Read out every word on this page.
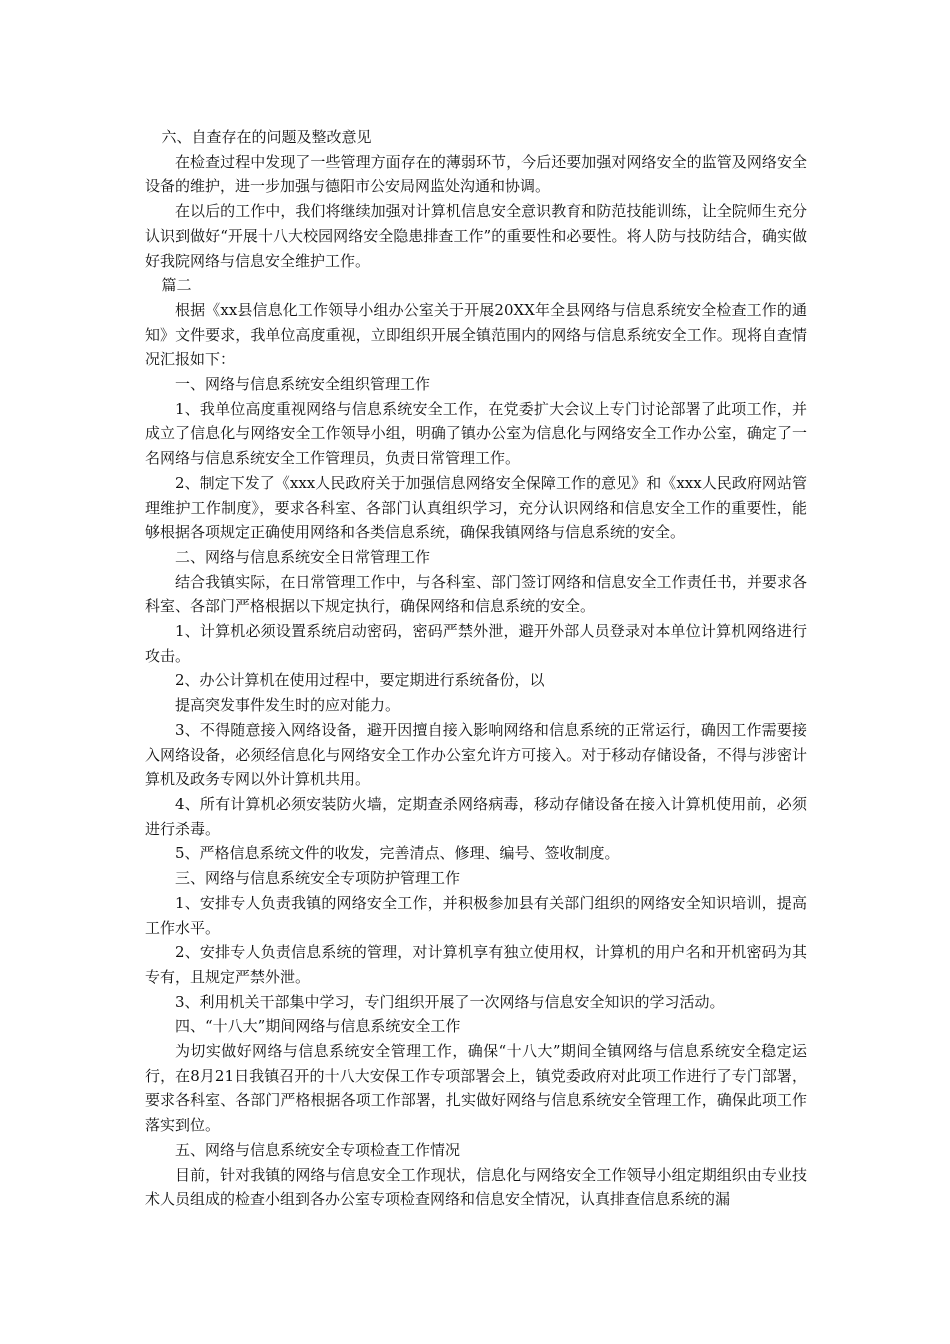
六、自查存在的问题及整改意见

在检查过程中发现了一些管理方面存在的薄弱环节，今后还要加强对网络安全的监管及网络安全设备的维护，进一步加强与德阳市公安局网监处沟通和协调。

在以后的工作中，我们将继续加强对计算机信息安全意识教育和防范技能训练，让全院师生充分认识到做好“开展十八大校园网络安全隐患排查工作”的重要性和必要性。将人防与技防结合，确实做好我院网络与信息安全维护工作。

篇二

根据《xx县信息化工作领导小组办公室关于开展20XX年全县网络与信息系统安全检查工作的通知》文件要求，我单位高度重视，立即组织开展全镇范围内的网络与信息系统安全工作。现将自查情况汇报如下：

一、网络与信息系统安全组织管理工作

1、我单位高度重视网络与信息系统安全工作，在党委扩大会议上专门讨论部署了此项工作，并成立了信息化与网络安全工作领导小组，明确了镇办公室为信息化与网络安全工作办公室，确定了一名网络与信息系统安全工作管理员，负责日常管理工作。

2、制定下发了《xxx人民政府关于加强信息网络安全保障工作的意见》和《xxx人民政府网站管理维护工作制度》，要求各科室、各部门认真组织学习，充分认识网络和信息安全工作的重要性，能够根据各项规定正确使用网络和各类信息系统，确保我镇网络与信息系统的安全。

二、网络与信息系统安全日常管理工作

结合我镇实际，在日常管理工作中，与各科室、部门签订网络和信息安全工作责任书，并要求各科室、各部门严格根据以下规定执行，确保网络和信息系统的安全。

1、计算机必须设置系统启动密码，密码严禁外泄，避开外部人员登录对本单位计算机网络进行攻击。

2、办公计算机在使用过程中，要定期进行系统备份，以

提高突发事件发生时的应对能力。

3、不得随意接入网络设备，避开因擅自接入影响网络和信息系统的正常运行，确因工作需要接入网络设备，必须经信息化与网络安全工作办公室允许方可接入。对于移动存储设备，不得与涉密计算机及政务专网以外计算机共用。

4、所有计算机必须安装防火墙，定期查杀网络病毒，移动存储设备在接入计算机使用前，必须进行杀毒。

5、严格信息系统文件的收发，完善清点、修理、编号、签收制度。

三、网络与信息系统安全专项防护管理工作

1、安排专人负责我镇的网络安全工作，并积极参加县有关部门组织的网络安全知识培训，提高工作水平。

2、安排专人负责信息系统的管理，对计算机享有独立使用权，计算机的用户名和开机密码为其专有，且规定严禁外泄。

3、利用机关干部集中学习，专门组织开展了一次网络与信息安全知识的学习活动。

四、“十八大”期间网络与信息系统安全工作

为切实做好网络与信息系统安全管理工作，确保“十八大”期间全镇网络与信息系统安全稳定运行，在8月21日我镇召开的十八大安保工作专项部署会上，镇党委政府对此项工作进行了专门部署，要求各科室、各部门严格根据各项工作部署，扎实做好网络与信息系统安全管理工作，确保此项工作落实到位。

五、网络与信息系统安全专项检查工作情况

目前，针对我镇的网络与信息安全工作现状，信息化与网络安全工作领导小组定期组织由专业技术人员组成的检查小组到各办公室专项检查网络和信息安全情况，认真排查信息系统的漏
